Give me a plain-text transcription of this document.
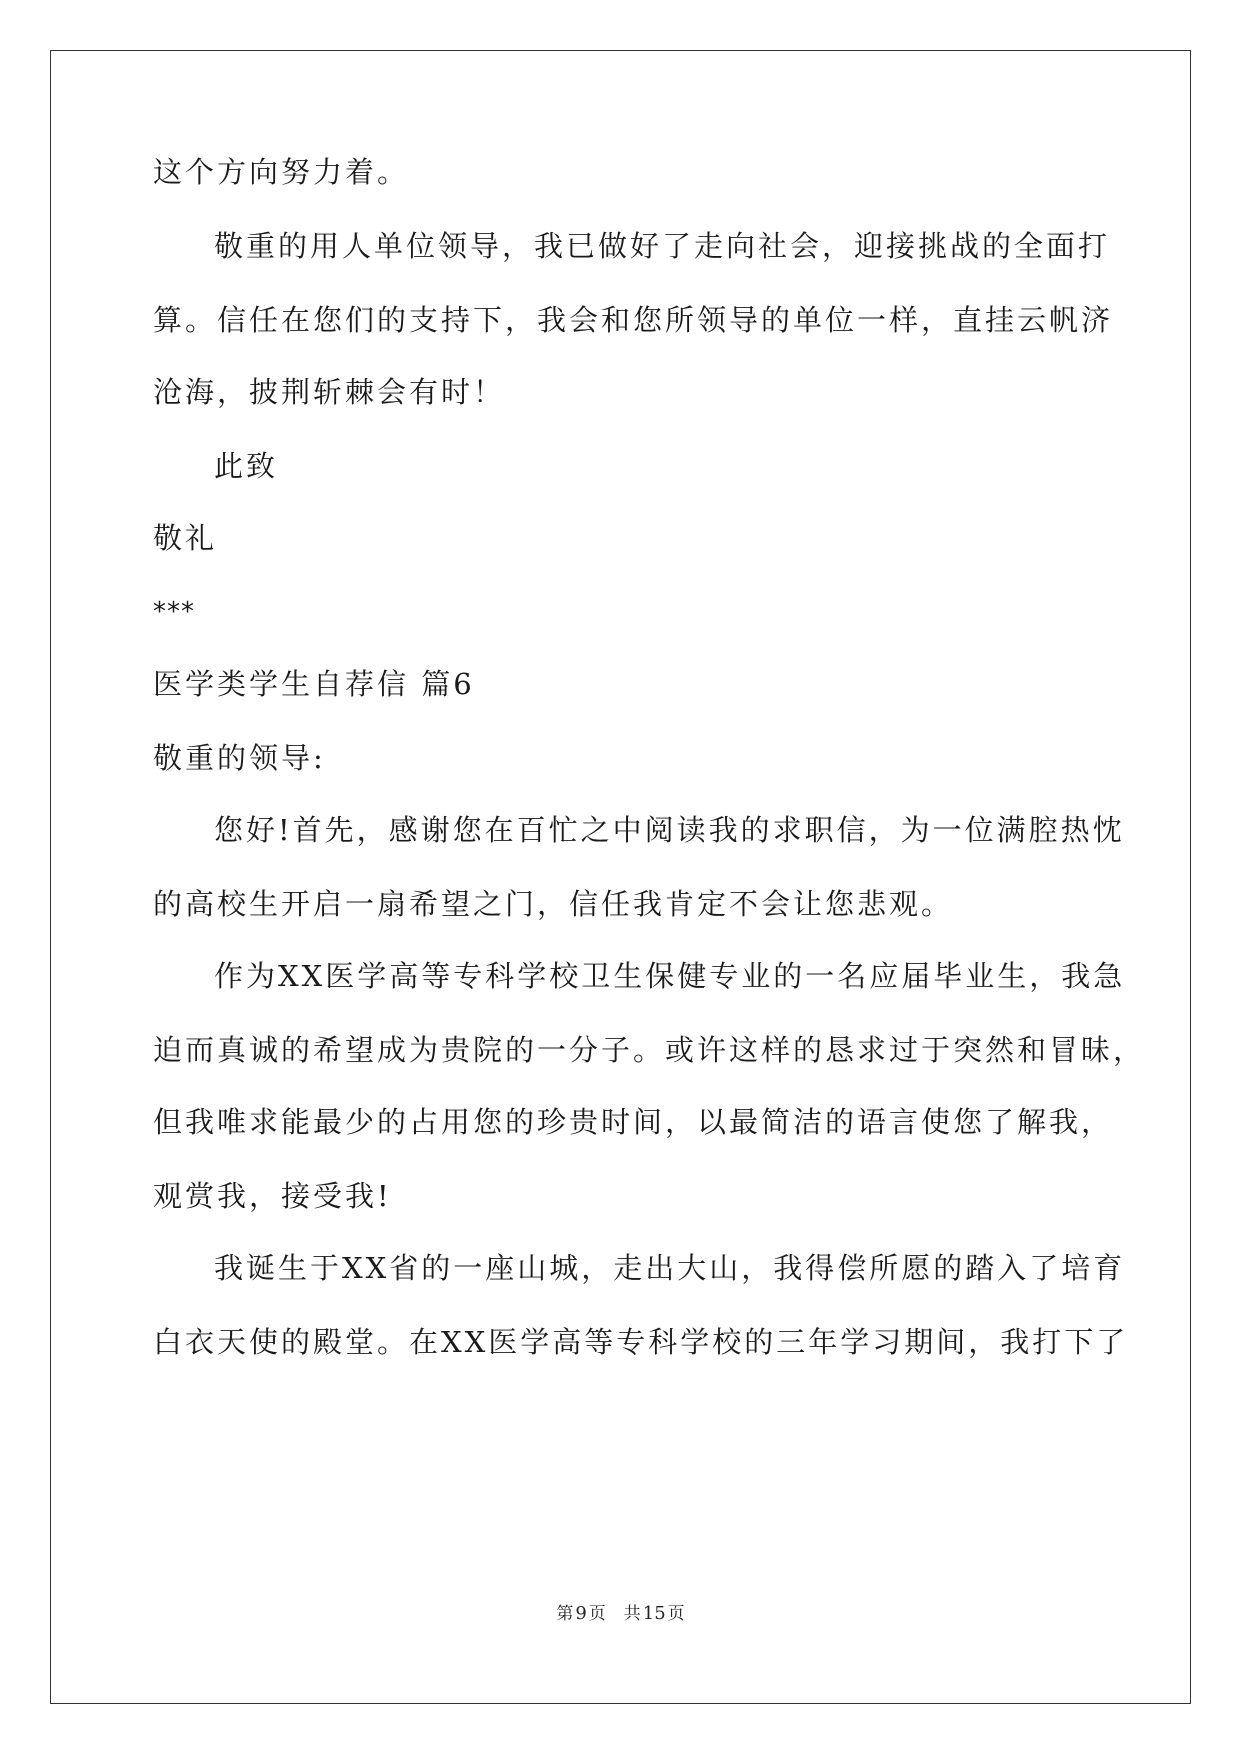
这个方向努力着。
敬重的用人单位领导，我已做好了走向社会，迎接挑战的全面打
算。信任在您们的支持下，我会和您所领导的单位一样，直挂云帆济
沧海，披荆斩棘会有时！
此致
敬礼
***
医学类学生自荐信 篇6
敬重的领导:
您好!首先，感谢您在百忙之中阅读我的求职信，为一位满腔热忱
的高校生开启一扇希望之门，信任我肯定不会让您悲观。
作为XX医学高等专科学校卫生保健专业的一名应届毕业生，我急
迫而真诚的希望成为贵院的一分子。或许这样的恳求过于突然和冒昧，
但我唯求能最少的占用您的珍贵时间，以最简洁的语言使您了解我，
观赏我，接受我!
我诞生于XX省的一座山城，走出大山，我得偿所愿的踏入了培育
白衣天使的殿堂。在XX医学高等专科学校的三年学习期间，我打下了
第 9 页 共 15 页
